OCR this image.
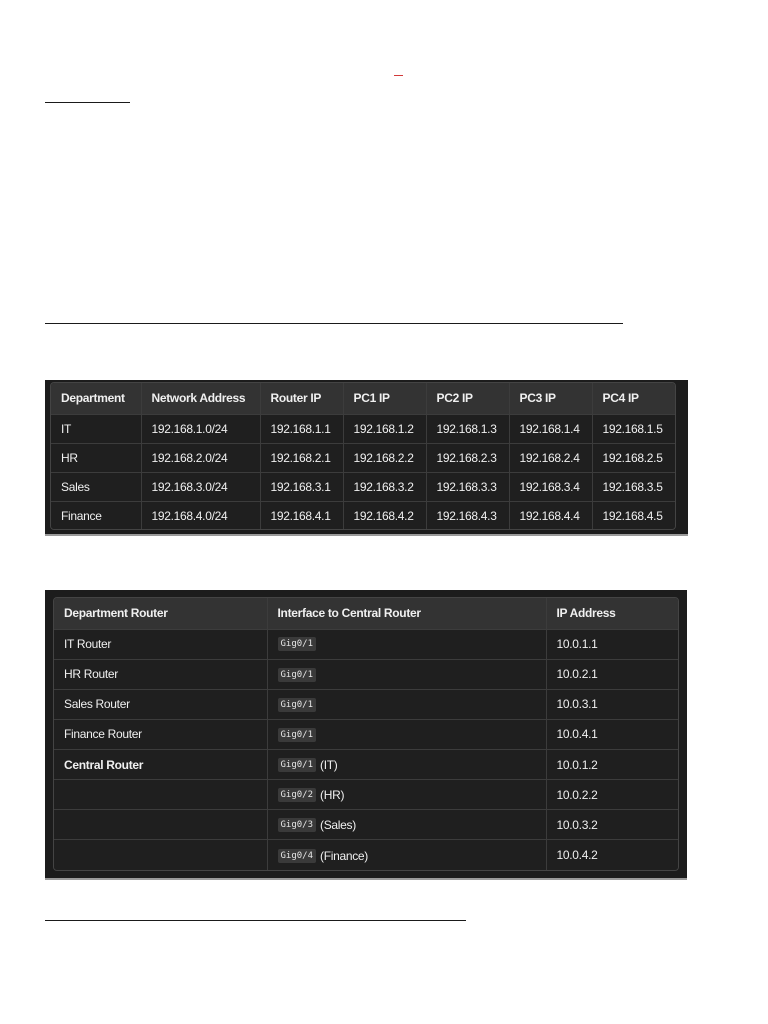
Department	Network Address	Router IP	PC1 IP	PC2 IP	PC3 IP	PC4 IP
IT	192.168.1.0/24	192.168.1.1	192.168.1.2	192.168.1.3	192.168.1.4	192.168.1.5
HR	192.168.2.0/24	192.168.2.1	192.168.2.2	192.168.2.3	192.168.2.4	192.168.2.5
Sales	192.168.3.0/24	192.168.3.1	192.168.3.2	192.168.3.3	192.168.3.4	192.168.3.5
Finance	192.168.4.0/24	192.168.4.1	192.168.4.2	192.168.4.3	192.168.4.4	192.168.4.5
Department Router	Interface to Central Router	IP Address
IT Router	Gig0/1	10.0.1.1
HR Router	Gig0/1	10.0.2.1
Sales Router	Gig0/1	10.0.3.1
Finance Router	Gig0/1	10.0.4.1
Central Router	Gig0/1 (IT)	10.0.1.2
	Gig0/2 (HR)	10.0.2.2
	Gig0/3 (Sales)	10.0.3.2
	Gig0/4 (Finance)	10.0.4.2
